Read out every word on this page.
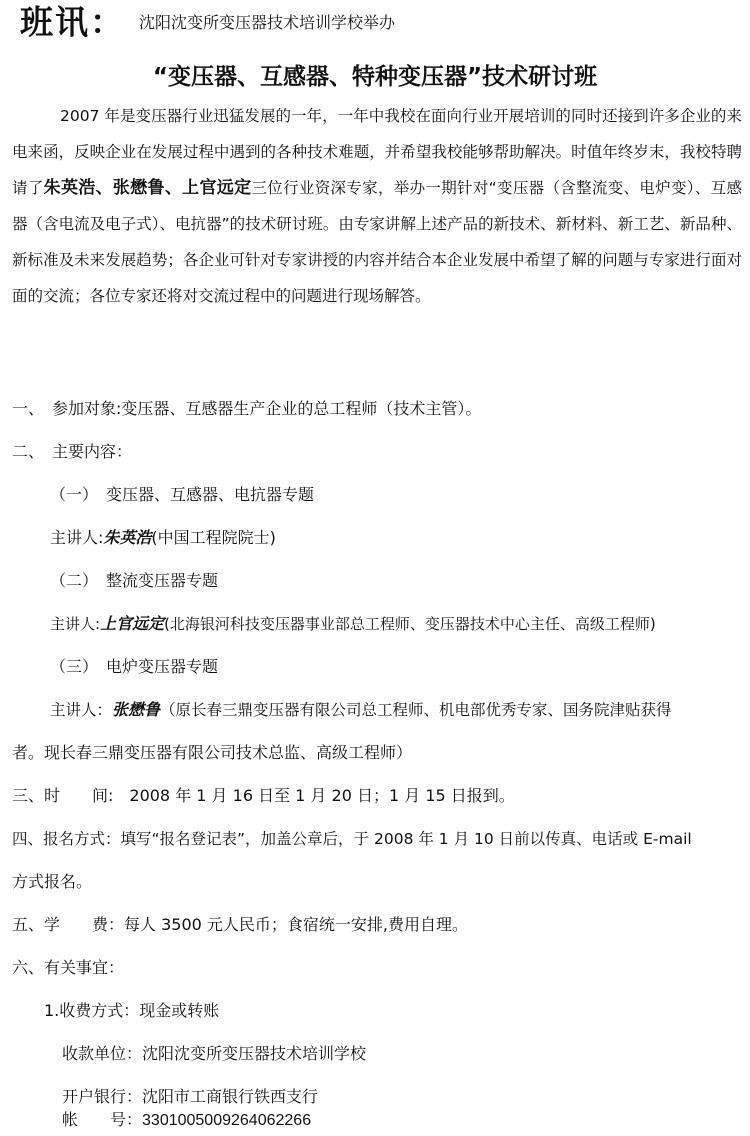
班讯： 沈阳沈变所变压器技术培训学校举办
“变压器、互感器、特种变压器”技术研讨班
2007 年是变压器行业迅猛发展的一年，一年中我校在面向行业开展培训的同时还接到许多企业的来电来函，反映企业在发展过程中遇到的各种技术难题，并希望我校能够帮助解决。时值年终岁末，我校特聘请了朱英浩、张懋鲁、上官远定三位行业资深专家，举办一期针对“变压器（含整流变、电炉变）、互感器（含电流及电子式）、电抗器”的技术研讨班。由专家讲解上述产品的新技术、新材料、新工艺、新品种、新标准及未来发展趋势；各企业可针对专家讲授的内容并结合本企业发展中希望了解的问题与专家进行面对面的交流；各位专家还将对交流过程中的问题进行现场解答。
一、　参加对象:变压器、互感器生产企业的总工程师（技术主管）。
二、　主要内容：
（一）　变压器、互感器、电抗器专题
主讲人:朱英浩(中国工程院院士)
（二）　整流变压器专题
主讲人:上官远定(北海银河科技变压器事业部总工程师、变压器技术中心主任、高级工程师)
（三）　电炉变压器专题
主讲人：张懋鲁（原长春三鼎变压器有限公司总工程师、机电部优秀专家、国务院津贴获得
者。现长春三鼎变压器有限公司技术总监、高级工程师）
三、时　　间:　2008 年 1 月 16 日至 1 月 20 日；1 月 15 日报到。
四、报名方式：填写“报名登记表”，加盖公章后，于 2008 年 1 月 10 日前以传真、电话或 E-mail
方式报名。
五、学　　费：每人 3500 元人民币；食宿统一安排,费用自理。
六、有关事宜：
1.收费方式：现金或转账
收款单位：沈阳沈变所变压器技术培训学校
开户银行：沈阳市工商银行铁西支行
帐　　号：3301005009264062266
